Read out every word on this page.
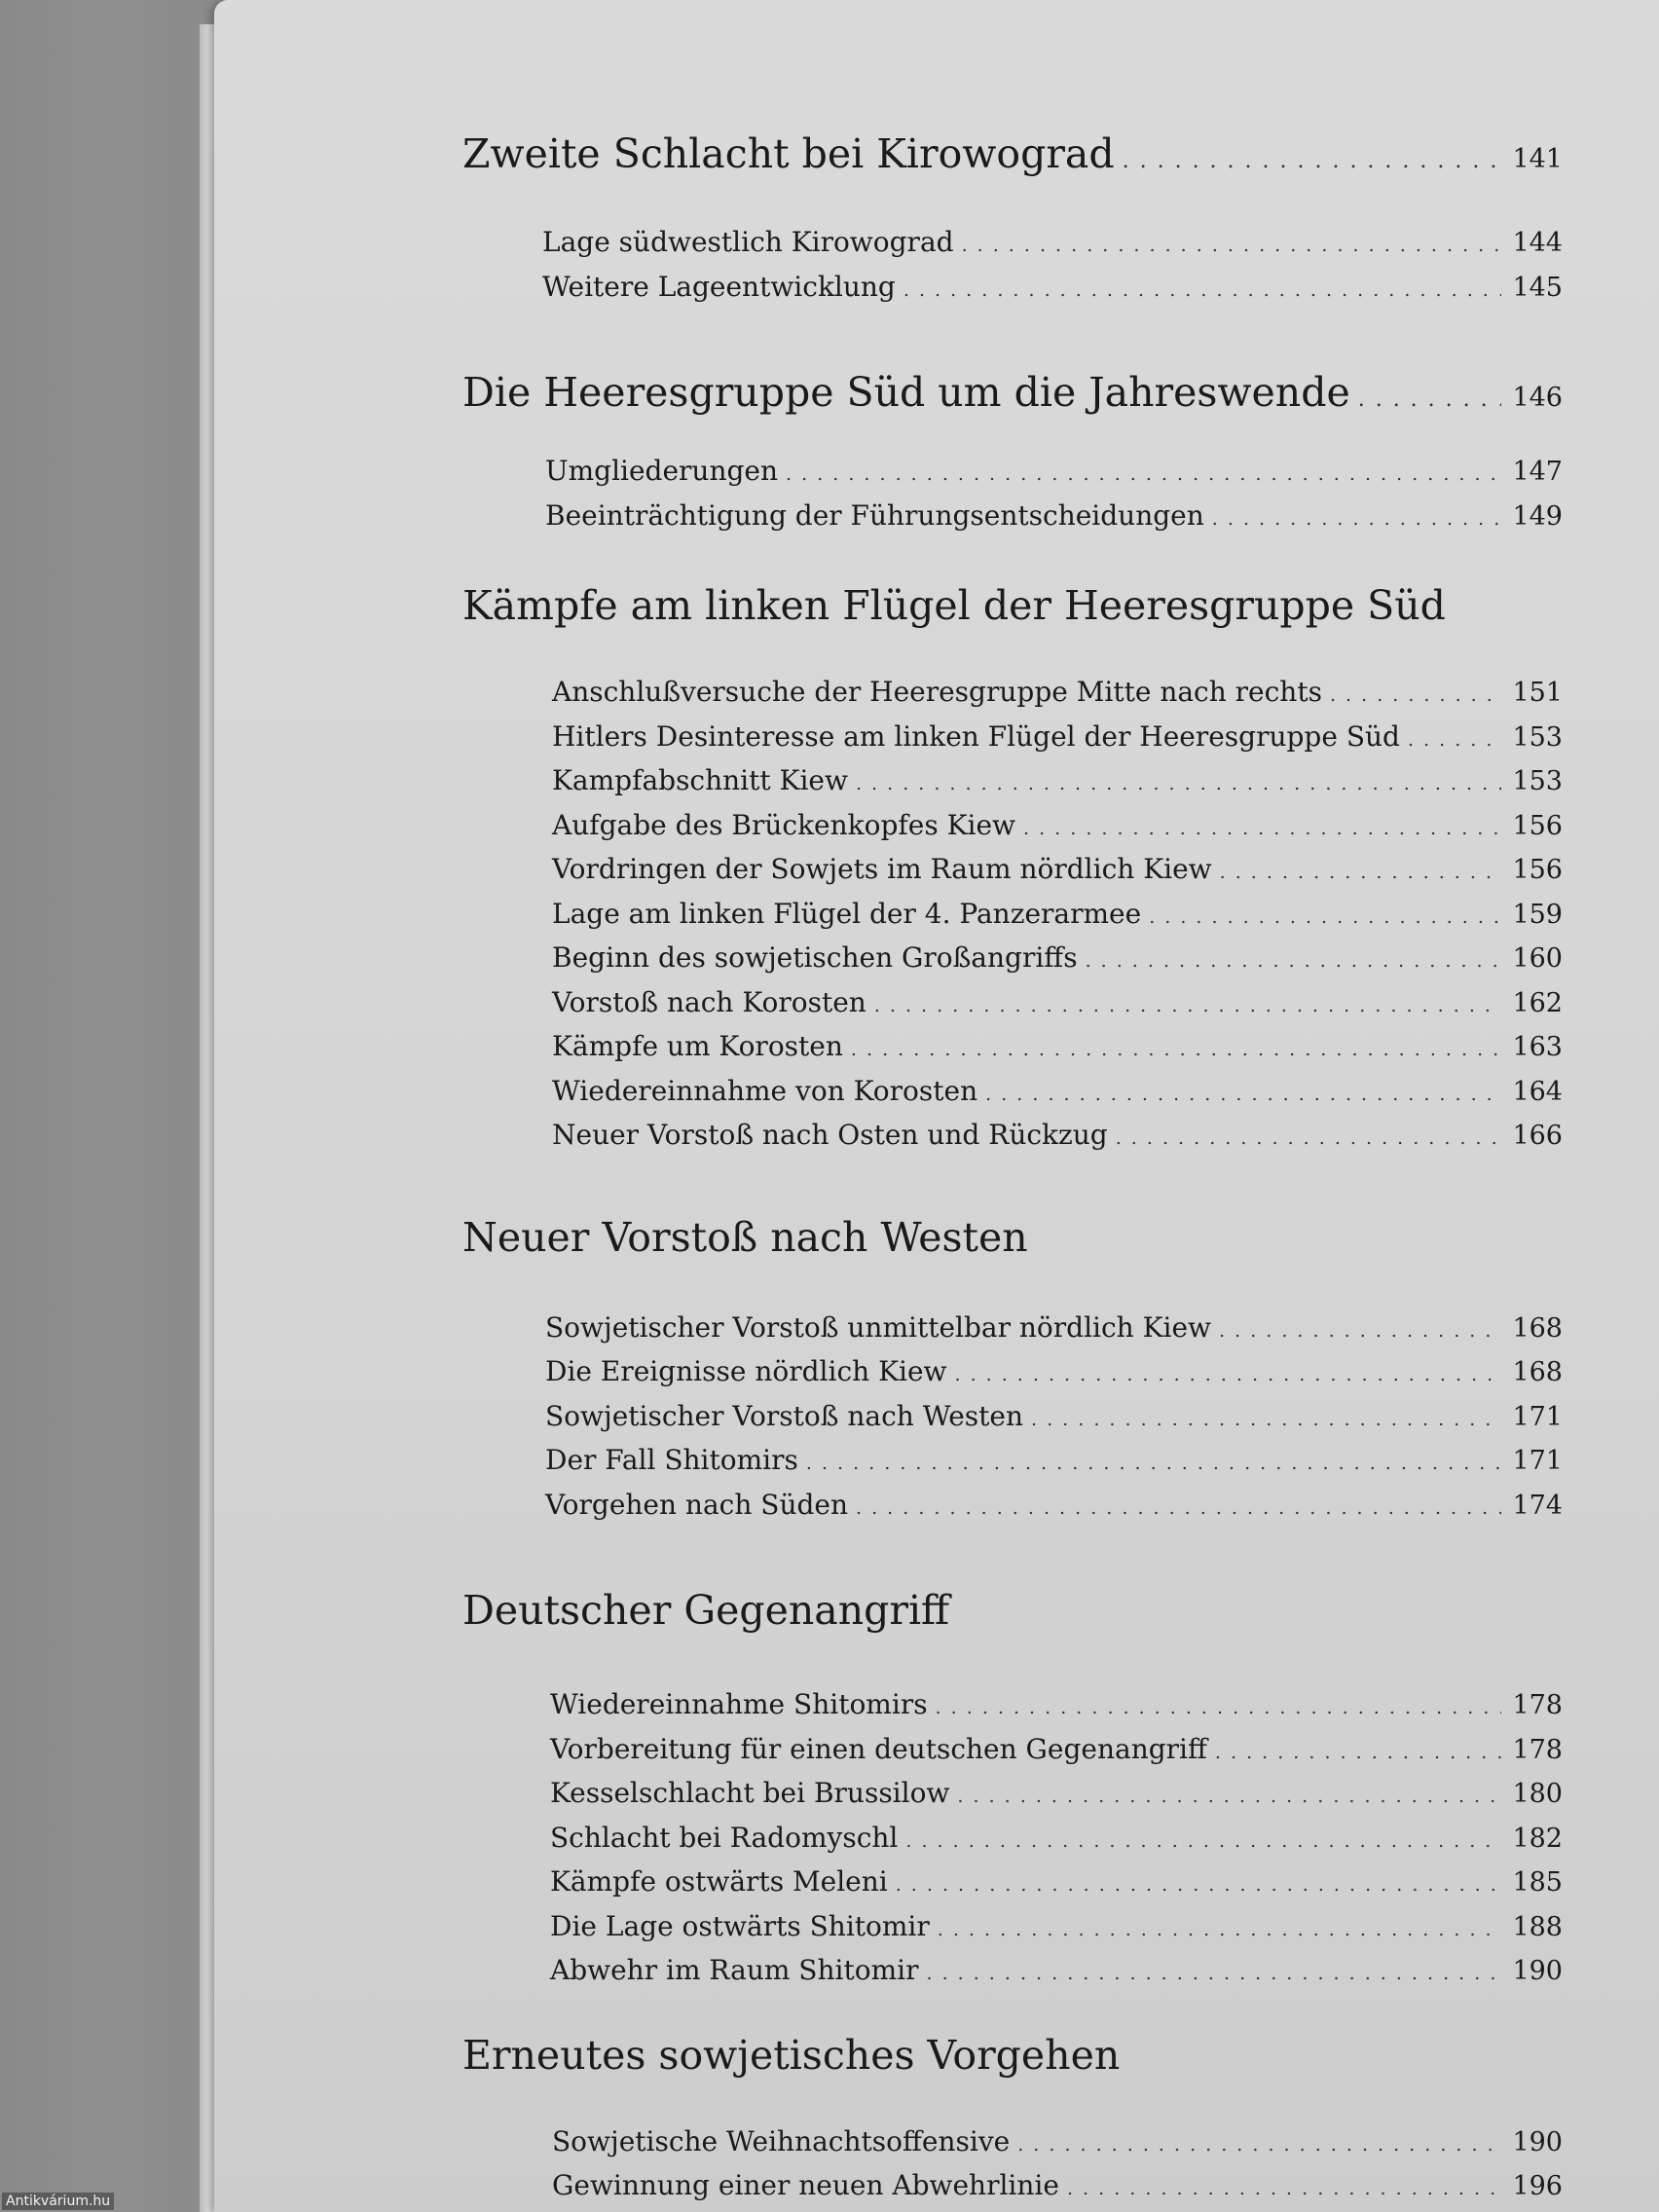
Zweite Schlacht bei Kirowograd . . .	141
Lage südwestlich Kirowograd . . .	144
Weitere Lageentwicklung . . .	145
Die Heeresgruppe Süd um die Jahreswende . . .	146
Umgliederungen . . .	147
Beeinträchtigung der Führungsentscheidungen . . .	149
Kämpfe am linken Flügel der Heeresgruppe Süd
Anschlußversuche der Heeresgruppe Mitte nach rechts . . .	151
Hitlers Desinteresse am linken Flügel der Heeresgruppe Süd . . .	153
Kampfabschnitt Kiew . . .	153
Aufgabe des Brückenkopfes Kiew . . .	156
Vordringen der Sowjets im Raum nördlich Kiew . . .	156
Lage am linken Flügel der 4. Panzerarmee . . .	159
Beginn des sowjetischen Großangriffs . . .	160
Vorstoß nach Korosten . . .	162
Kämpfe um Korosten . . .	163
Wiedereinnahme von Korosten . . .	164
Neuer Vorstoß nach Osten und Rückzug . . .	166
Neuer Vorstoß nach Westen
Sowjetischer Vorstoß unmittelbar nördlich Kiew . . .	168
Die Ereignisse nördlich Kiew . . .	168
Sowjetischer Vorstoß nach Westen . . .	171
Der Fall Shitomirs . . .	171
Vorgehen nach Süden . . .	174
Deutscher Gegenangriff
Wiedereinnahme Shitomirs . . .	178
Vorbereitung für einen deutschen Gegenangriff . . .	178
Kesselschlacht bei Brussilow . . .	180
Schlacht bei Radomyschl . . .	182
Kämpfe ostwärts Meleni . . .	185
Die Lage ostwärts Shitomir . . .	188
Abwehr im Raum Shitomir . . .	190
Erneutes sowjetisches Vorgehen
Sowjetische Weihnachtsoffensive . . .	190
Gewinnung einer neuen Abwehrlinie . . .	196
Antikvárium.hu
